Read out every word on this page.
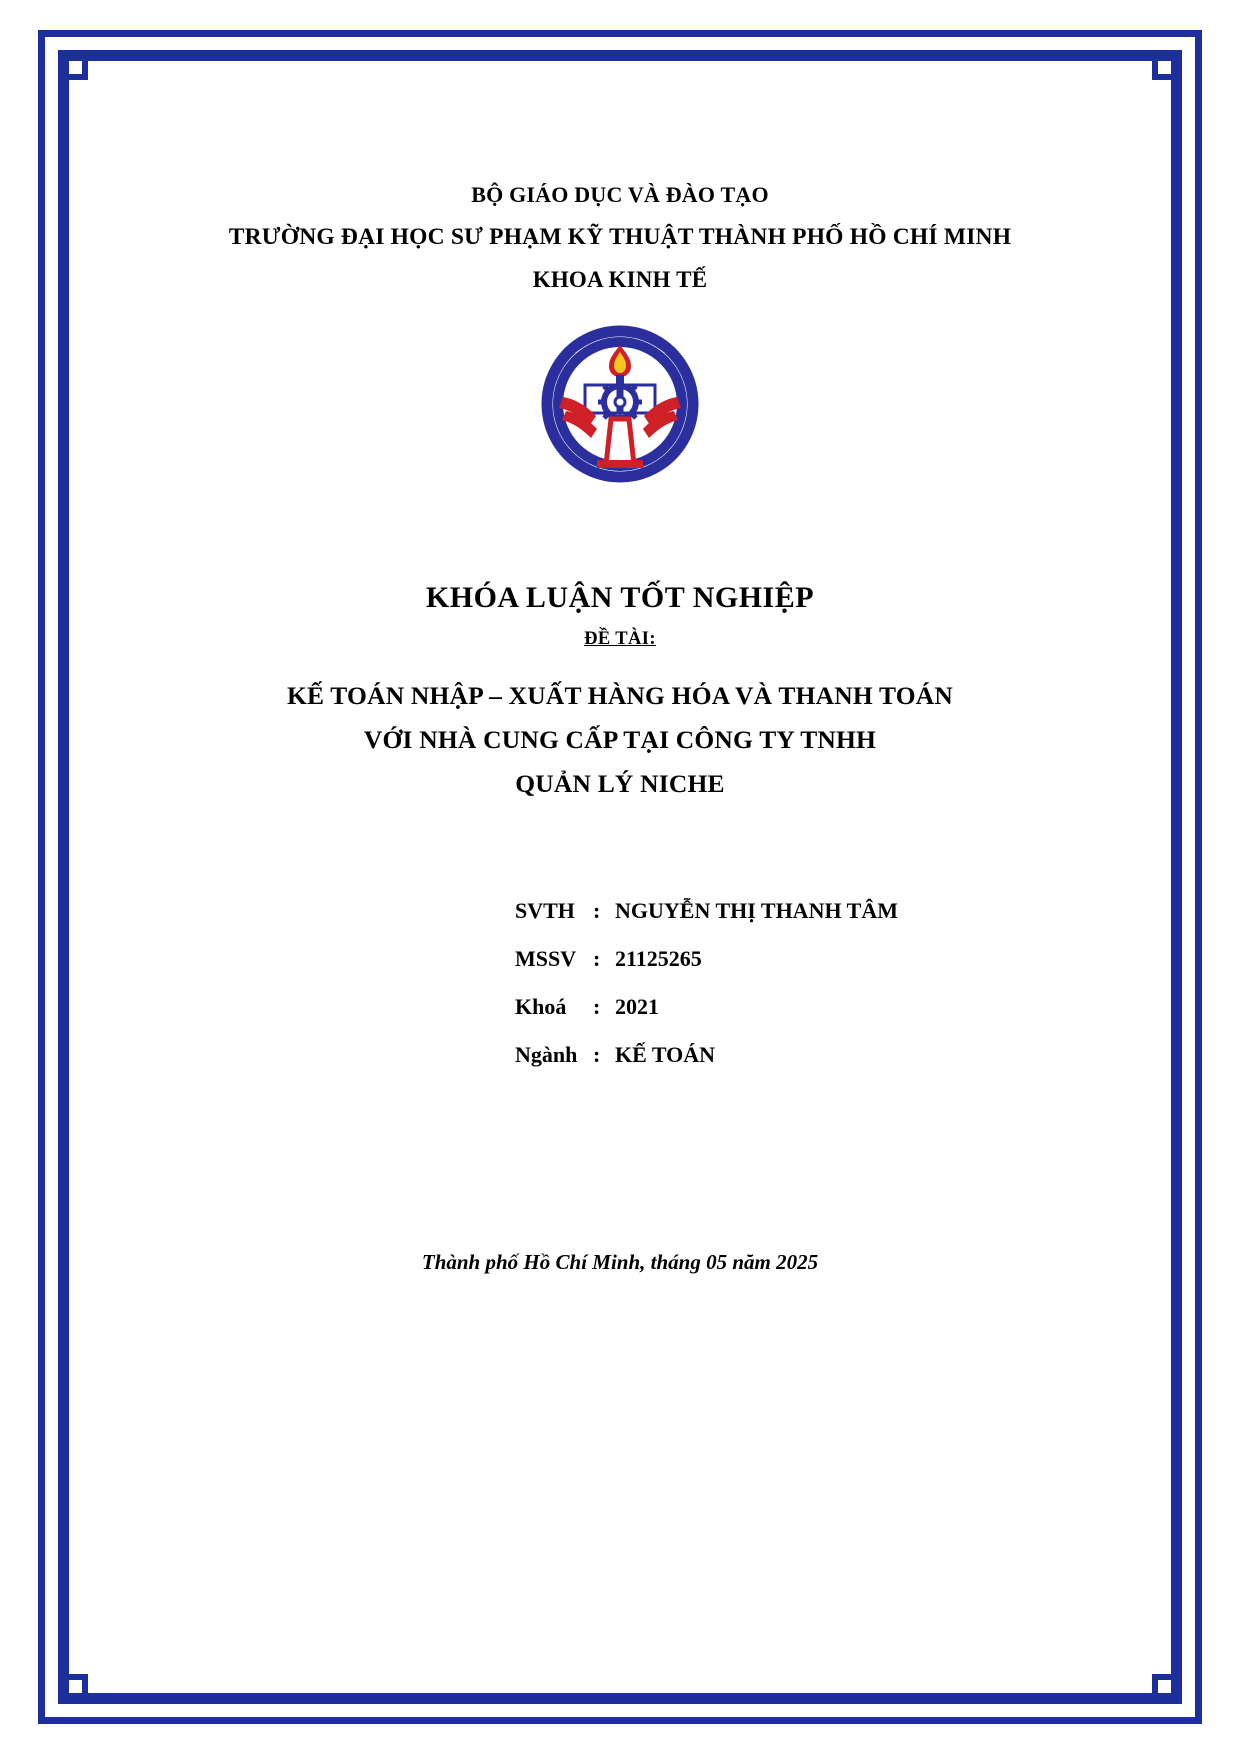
BỘ GIÁO DỤC VÀ ĐÀO TẠO
TRƯỜNG ĐẠI HỌC SƯ PHẠM KỸ THUẬT THÀNH PHỐ HỒ CHÍ MINH
KHOA KINH TẾ
KHÓA LUẬN TỐT NGHIỆP
ĐỀ TÀI:
KẾ TOÁN NHẬP – XUẤT HÀNG HÓA VÀ THANH TOÁN
VỚI NHÀ CUNG CẤP TẠI CÔNG TY TNHH
QUẢN LÝ NICHE
SVTH : NGUYỄN THỊ THANH TÂM
MSSV : 21125265
Khoá	: 2021
Ngành : KẾ TOÁN
Thành phố Hồ Chí Minh, tháng 05 năm 2025
